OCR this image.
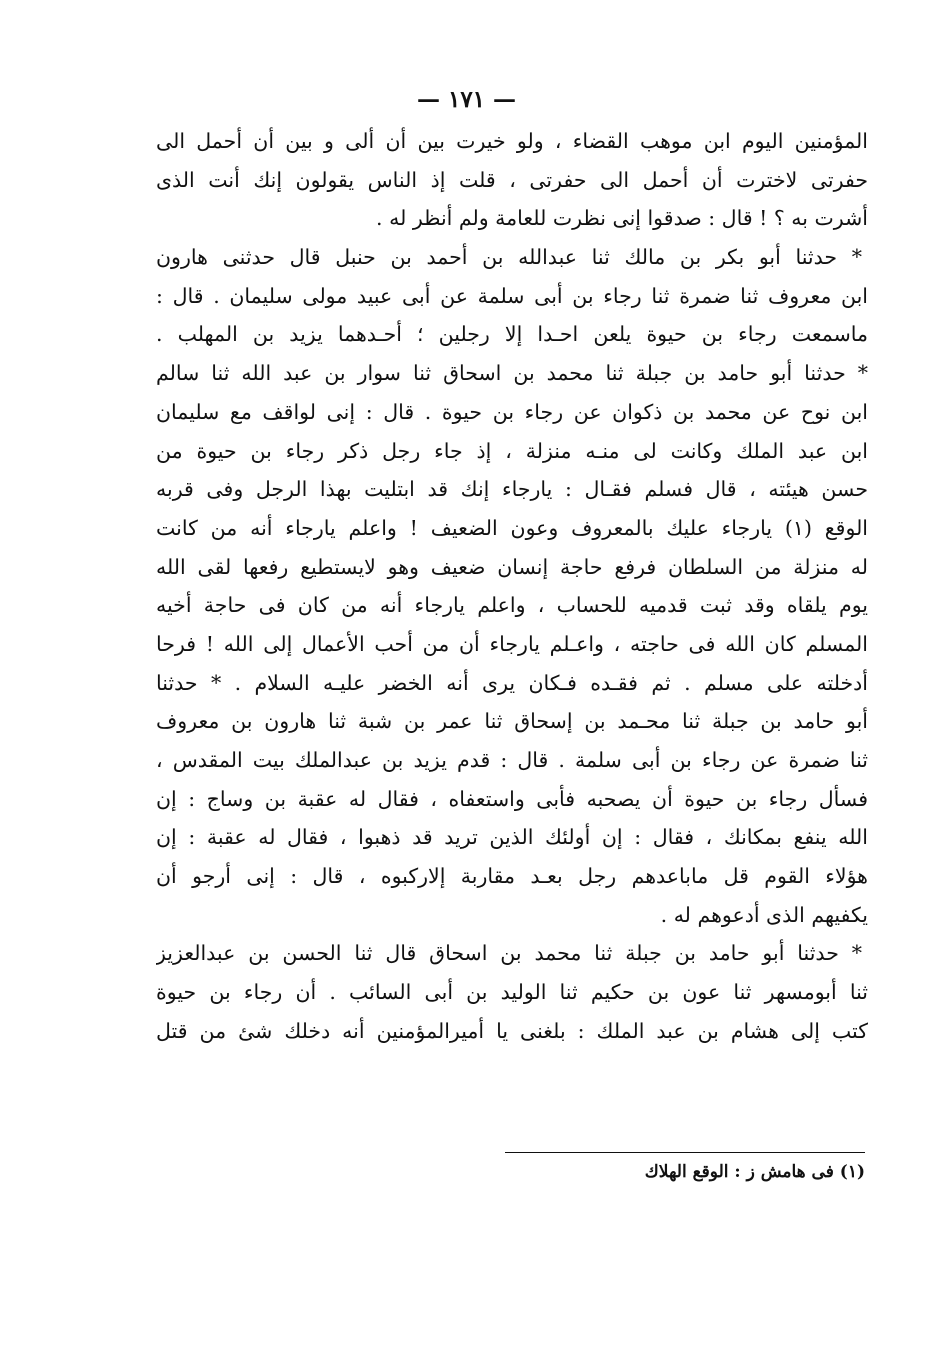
— ١٧١ —
المؤمنين اليوم ابن موهب القضاء ، ولو خيرت بين أن ألى و بين أن أحمل الى
حفرتى لاخترت أن أحمل الى حفرتى ، قلت إذ الناس يقولون إنك أنت الذى
أشرت به ؟ ! قال : صدقوا إنى نظرت للعامة ولم أنظر له .
* حدثنا أبو بكر بن مالك ثنا عبدالله بن أحمد بن حنبل قال حدثنى هارون
ابن معروف ثنا ضمرة ثنا رجاء بن أبى سلمة عن أبى عبيد مولى سليمان . قال :
ماسمعت رجاء بن حيوة يلعن احـدا إلا رجلين ؛ أحـدهما يزيد بن المهلب .
* حدثنا أبو حامد بن جبلة ثنا محمد بن اسحاق ثنا سوار بن عبد الله ثنا سالم
ابن نوح عن محمد بن ذكوان عن رجاء بن حيوة . قال : إنى لواقف مع سليمان
ابن عبد الملك وكانت لى منـه منزلة ، إذ جاء رجل ذكر رجاء بن حيوة من
حسن هيئته ، قال فسلم فقـال : يارجاء إنك قد ابتليت بهذا الرجل وفى قربه
الوقع (١) يارجاء عليك بالمعروف وعون الضعيف ! واعلم يارجاء أنه من كانت
له منزلة من السلطان فرفع حاجة إنسان ضعيف وهو لايستطيع رفعها لقى الله
يوم يلقاه وقد ثبت قدميه للحساب ، واعلم يارجاء أنه من كان فى حاجة أخيه
المسلم كان الله فى حاجته ، واعـلم يارجاء أن من أحب الأعمال إلى الله ! فرحا
أدخلته على مسلم . ثم فقـده فـكان يرى أنه الخضر عليـه السلام . * حدثنا
أبو حامد بن جبلة ثنا محـمد بن إسحاق ثنا عمر بن شبة ثنا هارون بن معروف
ثنا ضمرة عن رجاء بن أبى سلمة . قال : قدم يزيد بن عبدالملك بيت المقدس ،
فسأل رجاء بن حيوة أن يصحبه فأبى واستعفاه ، فقال له عقبة بن وساج : إن
الله ينفع بمكانك ، فقال : إن أولئك الذين تريد قد ذهبوا ، فقال له عقبة : إن
هؤلاء القوم قل ماباعدهم رجل بعـد مقاربة إلاركبوه ، قال : إنى أرجو أن
يكفيهم الذى أدعوهم له .
* حدثنا أبو حامد بن جبلة ثنا محمد بن اسحاق قال ثنا الحسن بن عبدالعزيز
ثنا أبومسهر ثنا عون بن حكيم ثنا الوليد بن أبى السائب . أن رجاء بن حيوة
كتب إلى هشام بن عبد الملك : بلغنى يا أميرالمؤمنين أنه دخلك شئ من قتل
(١) فى هامش ز : الوقع الهلاك
